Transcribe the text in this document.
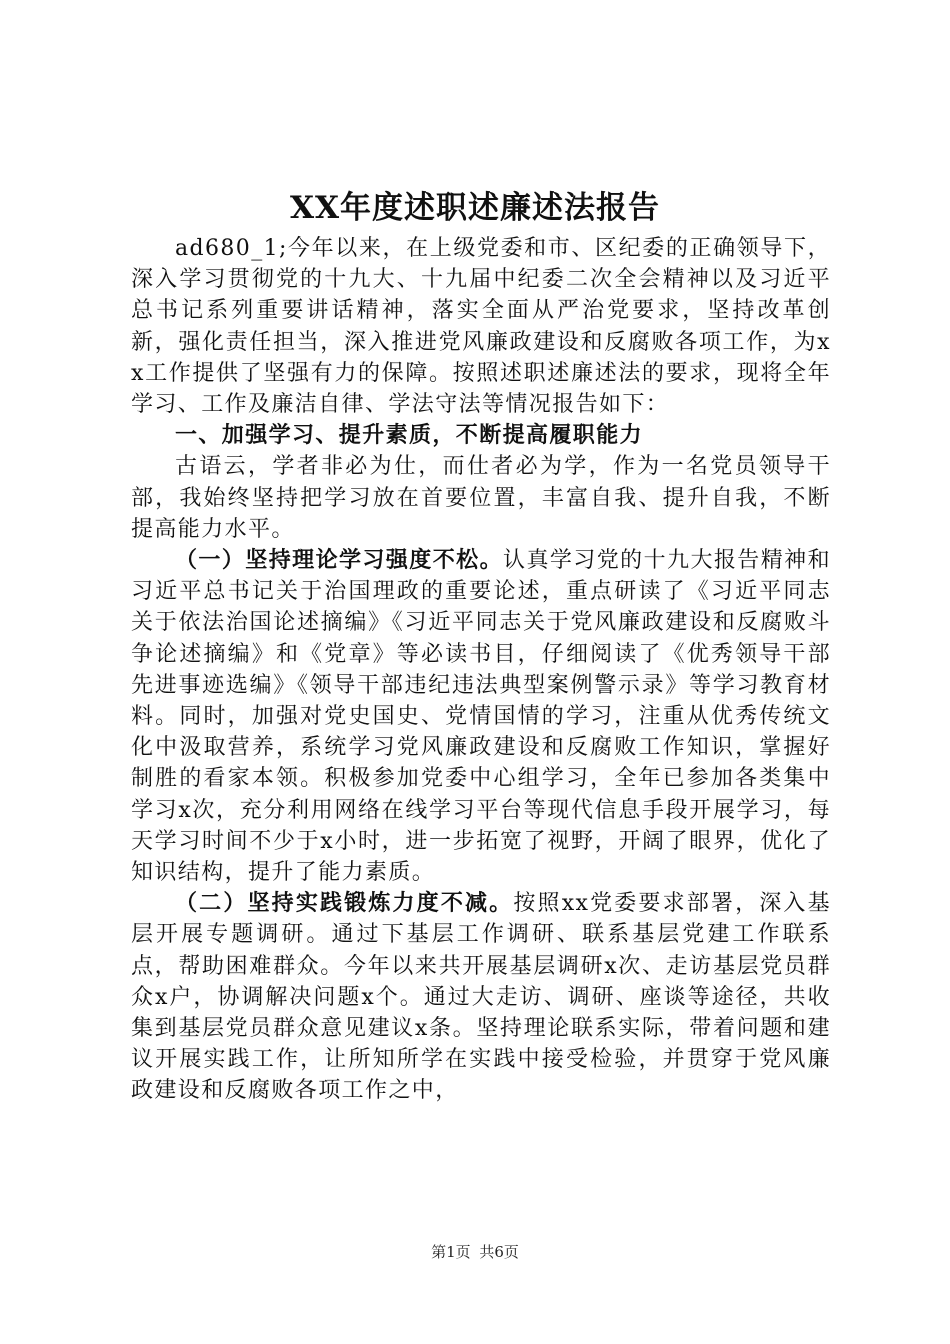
XX年度述职述廉述法报告

ad680_1;今年以来，在上级党委和市、区纪委的正确领导下，深入学习贯彻党的十九大、十九届中纪委二次全会精神以及习近平总书记系列重要讲话精神，落实全面从严治党要求，坚持改革创新，强化责任担当，深入推进党风廉政建设和反腐败各项工作，为xx工作提供了坚强有力的保障。按照述职述廉述法的要求，现将全年学习、工作及廉洁自律、学法守法等情况报告如下：

一、加强学习、提升素质，不断提高履职能力

古语云，学者非必为仕，而仕者必为学，作为一名党员领导干部，我始终坚持把学习放在首要位置，丰富自我、提升自我，不断提高能力水平。

（一）坚持理论学习强度不松。认真学习党的十九大报告精神和习近平总书记关于治国理政的重要论述，重点研读了《习近平同志关于依法治国论述摘编》《习近平同志关于党风廉政建设和反腐败斗争论述摘编》和《党章》等必读书目，仔细阅读了《优秀领导干部先进事迹选编》《领导干部违纪违法典型案例警示录》等学习教育材料。同时，加强对党史国史、党情国情的学习，注重从优秀传统文化中汲取营养，系统学习党风廉政建设和反腐败工作知识，掌握好制胜的看家本领。积极参加党委中心组学习，全年已参加各类集中学习x次，充分利用网络在线学习平台等现代信息手段开展学习，每天学习时间不少于x小时，进一步拓宽了视野，开阔了眼界，优化了知识结构，提升了能力素质。

（二）坚持实践锻炼力度不减。按照xx党委要求部署，深入基层开展专题调研。通过下基层工作调研、联系基层党建工作联系点，帮助困难群众。今年以来共开展基层调研x次、走访基层党员群众x户，协调解决问题x个。通过大走访、调研、座谈等途径，共收集到基层党员群众意见建议x条。坚持理论联系实际，带着问题和建议开展实践工作，让所知所学在实践中接受检验，并贯穿于党风廉政建设和反腐败各项工作之中，

第1页 共6页
